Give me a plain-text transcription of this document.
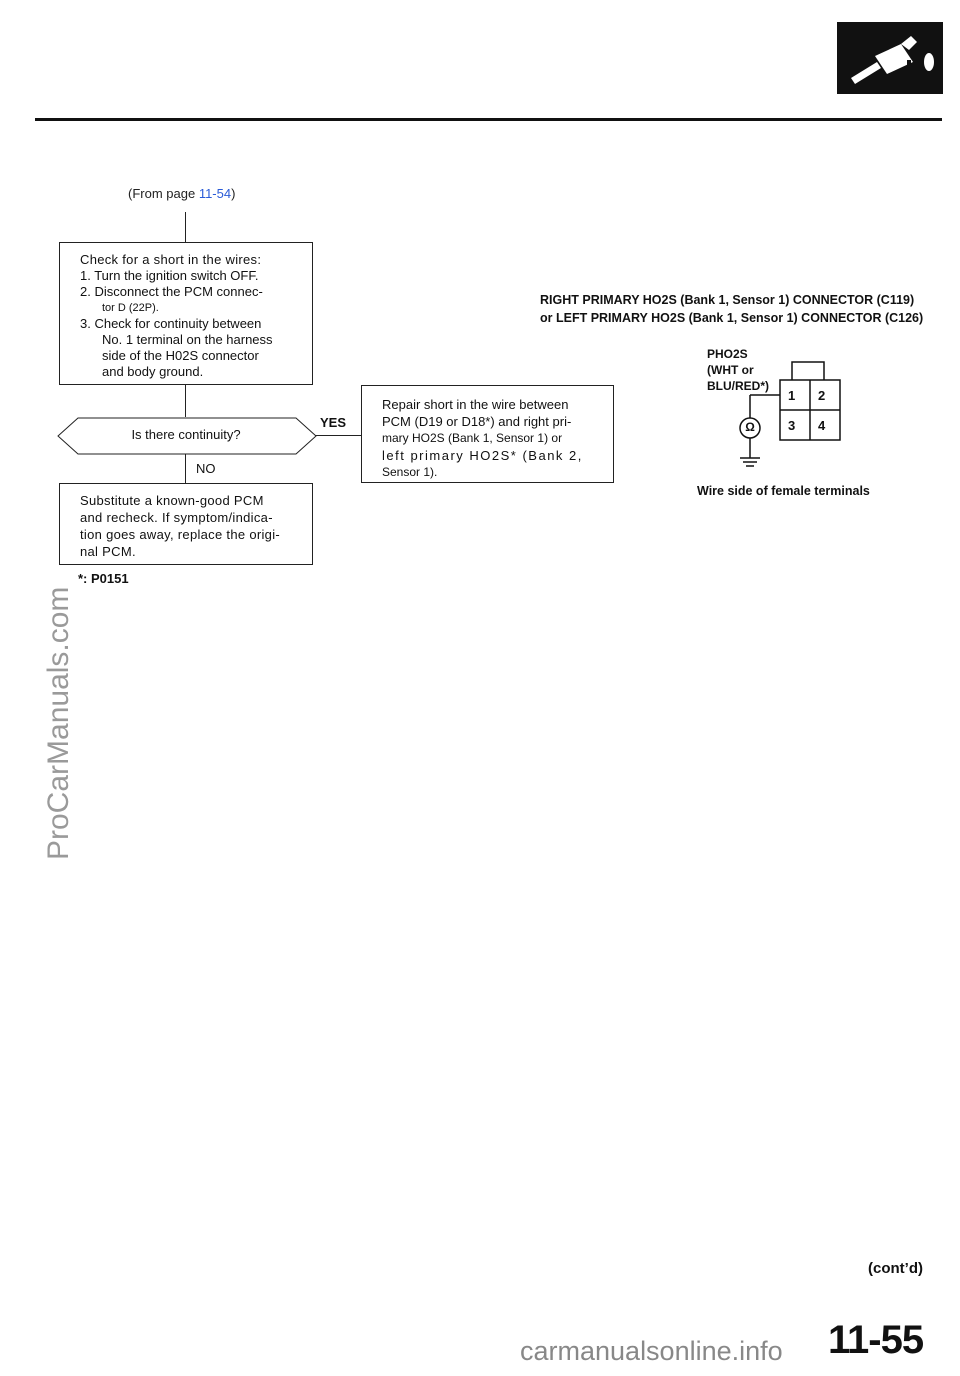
(From page 11-54)
Check for a short in the wires:
1. Turn the ignition switch OFF.
2. Disconnect the PCM connec-
tor D (22P).
3. Check for continuity between
No. 1 terminal on the harness
side of the H02S connector
and body ground.
Is there continuity?
YES
NO
Repair short in the wire between
PCM (D19 or D18*) and right pri-
mary HO2S (Bank 1, Sensor 1) or
left primary HO2S* (Bank 2,
Sensor 1).
Substitute a known-good PCM
and recheck. If symptom/indica-
tion goes away, replace the origi-
nal PCM.
*: P0151
RIGHT PRIMARY HO2S (Bank 1, Sensor 1) CONNECTOR (C119)
or LEFT PRIMARY HO2S (Bank 1, Sensor 1) CONNECTOR (C126)
PHO2S
(WHT or
BLU/RED*)
Ω
1 2
3 4
Wire side of female terminals
ProCarManuals.com
(cont’d)
11-55
carmanualsonline.info
